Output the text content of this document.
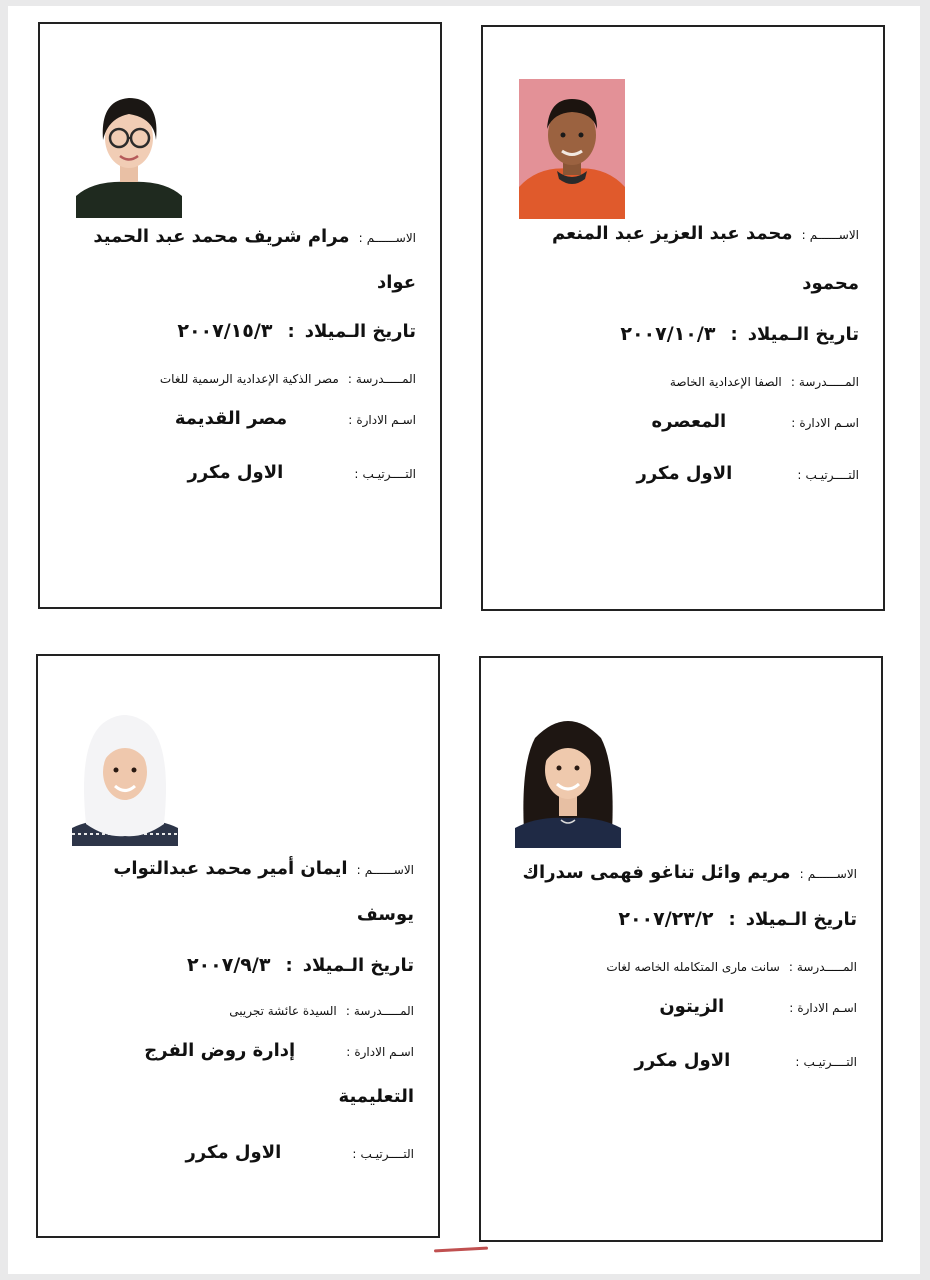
الاســــــم: محمد عبد العزيز عبد المنعم
محمود
تاريخ الـميلاد: ٢٠٠٧/١٠/٣
المـــــدرسة: الصفا الإعدادية الخاصة
اسـم الادارة: المعصره
التــــرتيـب: الاول مكرر
الاســــــم: مرام شريف محمد عبد الحميد
عواد
تاريخ الـميلاد: ٢٠٠٧/١٥/٣
المـــــدرسة: مصر الذكية الإعدادية الرسمية للغات
اسـم الادارة: مصر القديمة
التــــرتيـب: الاول مكرر
الاســــــم: مريم وائل تناغو فهمى سدراك
تاريخ الـميلاد: ٢٠٠٧/٢٣/٢
المـــــدرسة: سانت مارى المتكامله الخاصه لغات
اسـم الادارة: الزيتون
التــــرتيـب: الاول مكرر
الاســــــم: ايمان أمير محمد عبدالتواب
يوسف
تاريخ الـميلاد: ٢٠٠٧/٩/٣
المـــــدرسة: السيدة عائشة تجريبى
اسـم الادارة: إدارة روض الفرج
التعليمية
التــــرتيـب: الاول مكرر
